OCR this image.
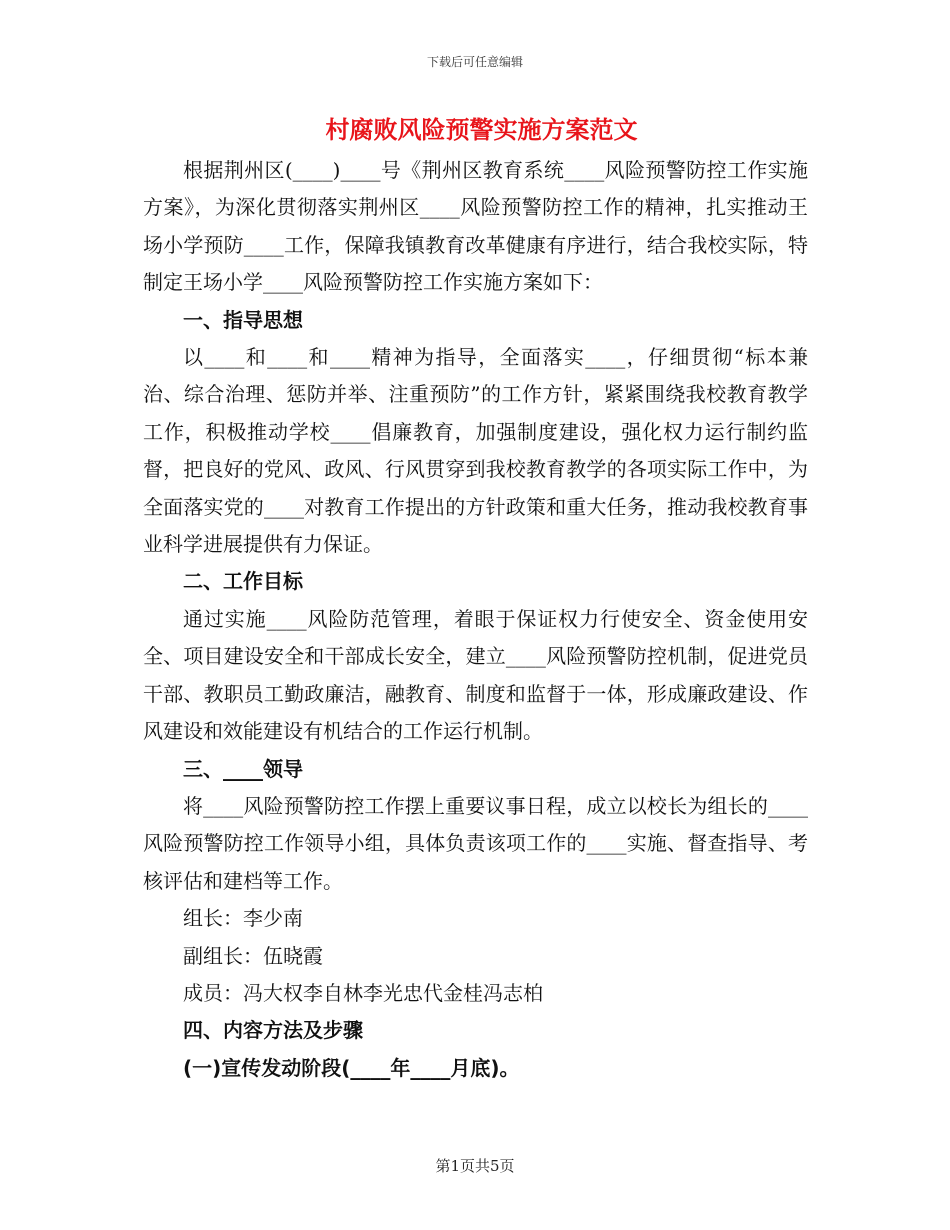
下载后可任意编辑
村腐败风险预警实施方案范文

根据荆州区(____)____号《荆州区教育系统____风险预警防控工作实施方案》，为深化贯彻落实荆州区____风险预警防控工作的精神，扎实推动王场小学预防____工作，保障我镇教育改革健康有序进行，结合我校实际，特制定王场小学____风险预警防控工作实施方案如下：

一、指导思想

以____和____和____精神为指导，全面落实____，仔细贯彻“标本兼治、综合治理、惩防并举、注重预防”的工作方针，紧紧围绕我校教育教学工作，积极推动学校____倡廉教育，加强制度建设，强化权力运行制约监督，把良好的党风、政风、行风贯穿到我校教育教学的各项实际工作中，为全面落实党的____对教育工作提出的方针政策和重大任务，推动我校教育事业科学进展提供有力保证。

二、工作目标

通过实施____风险防范管理，着眼于保证权力行使安全、资金使用安全、项目建设安全和干部成长安全，建立____风险预警防控机制，促进党员干部、教职员工勤政廉洁，融教育、制度和监督于一体，形成廉政建设、作风建设和效能建设有机结合的工作运行机制。

三、____领导

将____风险预警防控工作摆上重要议事日程，成立以校长为组长的____风险预警防控工作领导小组，具体负责该项工作的____实施、督查指导、考核评估和建档等工作。

组长：李少南

副组长：伍晓霞

成员：冯大权李自林李光忠代金桂冯志柏

四、内容方法及步骤

(一)宣传发动阶段(____年____月底)。

第1页共5页
